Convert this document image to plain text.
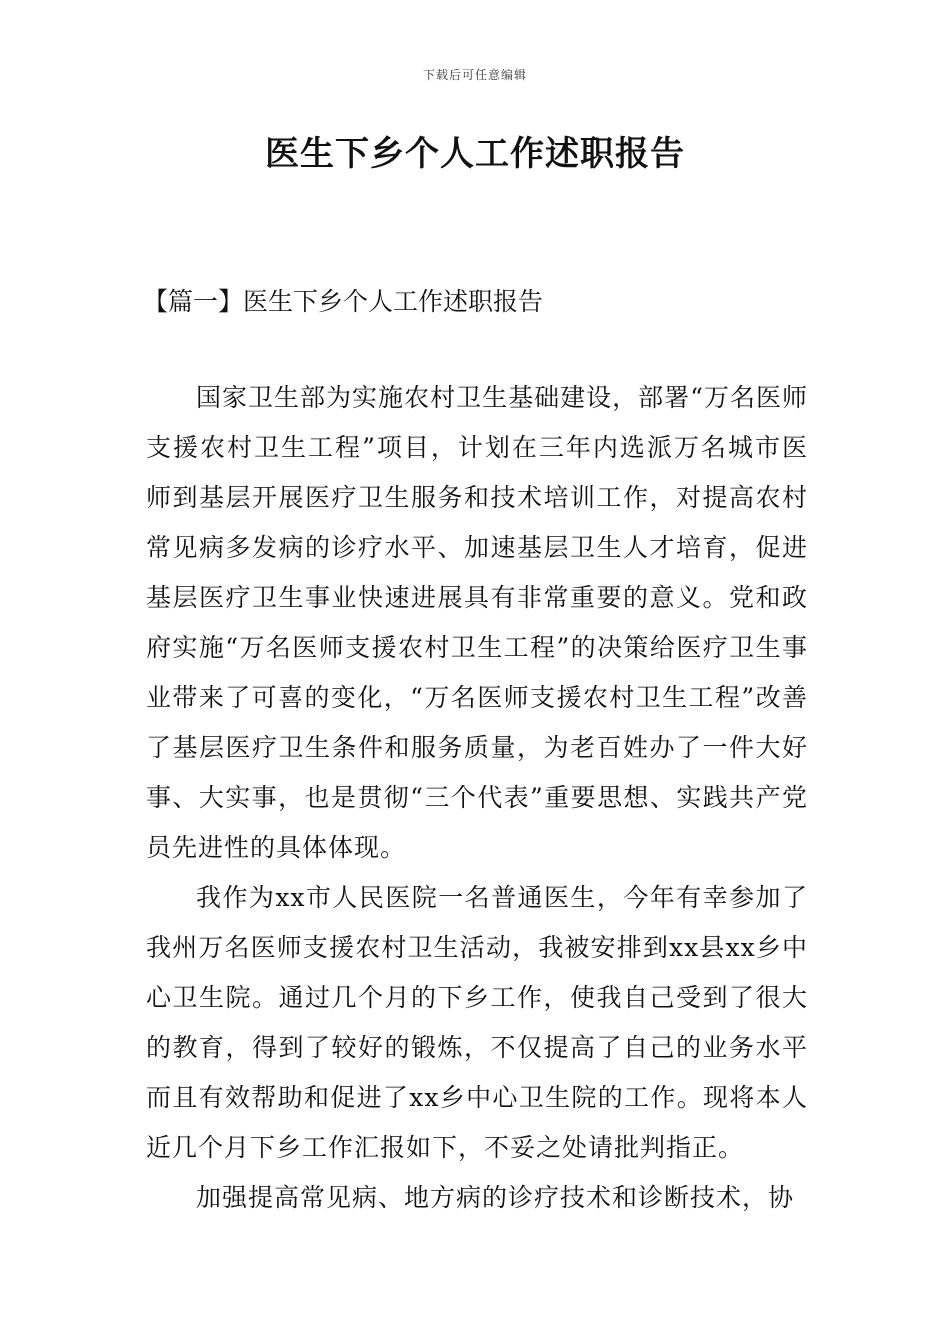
下载后可任意编辑
医生下乡个人工作述职报告
【篇一】医生下乡个人工作述职报告

国家卫生部为实施农村卫生基础建设，部署“万名医师支援农村卫生工程”项目，计划在三年内选派万名城市医师到基层开展医疗卫生服务和技术培训工作，对提高农村常见病多发病的诊疗水平、加速基层卫生人才培育，促进基层医疗卫生事业快速进展具有非常重要的意义。党和政府实施“万名医师支援农村卫生工程”的决策给医疗卫生事业带来了可喜的变化，“万名医师支援农村卫生工程”改善了基层医疗卫生条件和服务质量，为老百姓办了一件大好事、大实事，也是贯彻“三个代表”重要思想、实践共产党员先进性的具体体现。

我作为xx市人民医院一名普通医生，今年有幸参加了我州万名医师支援农村卫生活动，我被安排到xx县xx乡中心卫生院。通过几个月的下乡工作，使我自己受到了很大的教育，得到了较好的锻炼，不仅提高了自己的业务水平而且有效帮助和促进了xx乡中心卫生院的工作。现将本人近几个月下乡工作汇报如下，不妥之处请批判指正。

加强提高常见病、地方病的诊疗技术和诊断技术，协
